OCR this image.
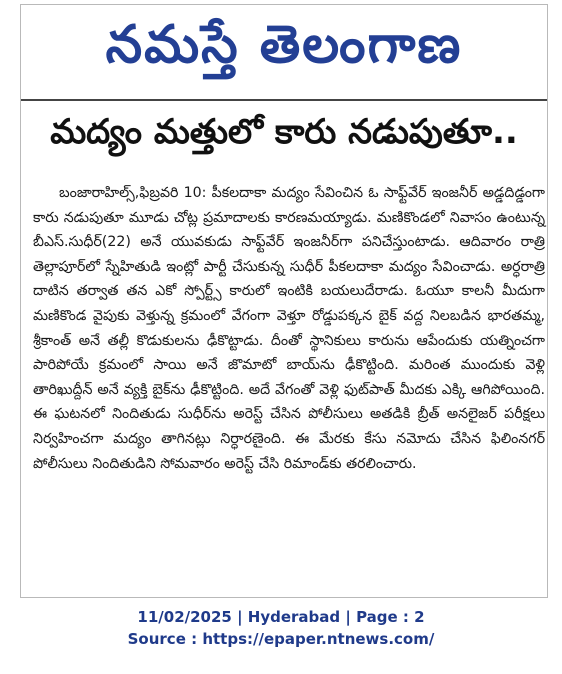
నమస్తే తెలంగాణ
మద్యం మత్తులో కారు నడుపుతూ..

బంజారాహిల్స్‌,ఫిబ్రవరి 10: పీకలదాకా మద్యం సేవించిన ఓ సాఫ్ట్‌వేర్‌ ఇంజనీర్‌ అడ్డదిడ్డంగా కారు నడుపుతూ మూడు చోట్ల ప్రమాదాలకు కారణమయ్యాడు. మణికొండలో నివాసం ఉంటున్న బీఎస్‌.సుధీర్‌(22) అనే యువకుడు సాఫ్ట్‌వేర్‌ ఇంజనీర్‌గా పనిచేస్తుంటాడు. ఆదివారం రాత్రి తెల్లాపూర్‌లో స్నేహితుడి ఇంట్లో పార్టీ చేసుకున్న సుధీర్‌ పీకలదాకా మద్యం సేవించాడు. అర్ధరాత్రి దాటిన తర్వాత తన ఎకో స్పోర్ట్స్‌ కారులో ఇంటికి బయలుదేరాడు. ఓయూ కాలనీ మీదుగా మణికొండ వైపుకు వెళ్తున్న క్రమంలో వేగంగా వెళ్తూ రోడ్డుపక్కన బైక్‌ వద్ద నిలబడిన భారతమ్మ, శ్రీకాంత్‌ అనే తల్లీ కొడుకులను ఢీకొట్టాడు. దీంతో స్థానికులు కారును ఆపేందుకు యత్నించగా పారిపోయే క్రమంలో సాయి అనే జొమాటో బాయ్‌ను ఢీకొట్టింది. మరింత ముందుకు వెళ్లి తారిఖుద్దీన్‌ అనే వ్యక్తి బైక్‌ను ఢీకొట్టింది. అదే వేగంతో వెళ్లి ఫుట్‌పాత్‌ మీదకు ఎక్కి ఆగిపోయింది. ఈ ఘటనలో నిందితుడు సుధీర్‌ను అరెస్ట్‌ చేసిన పోలీసులు అతడికి బ్రీత్‌ అనలైజర్‌ పరీక్షలు నిర్వహించగా మద్యం తాగినట్లు నిర్ధారణైంది. ఈ మేరకు కేసు నమోదు చేసిన ఫిలింనగర్‌ పోలీసులు నిందితుడిని సోమవారం అరెస్ట్‌ చేసి రిమాండ్‌కు తరలించారు.

11/02/2025 | Hyderabad | Page : 2
Source : https://epaper.ntnews.com/
